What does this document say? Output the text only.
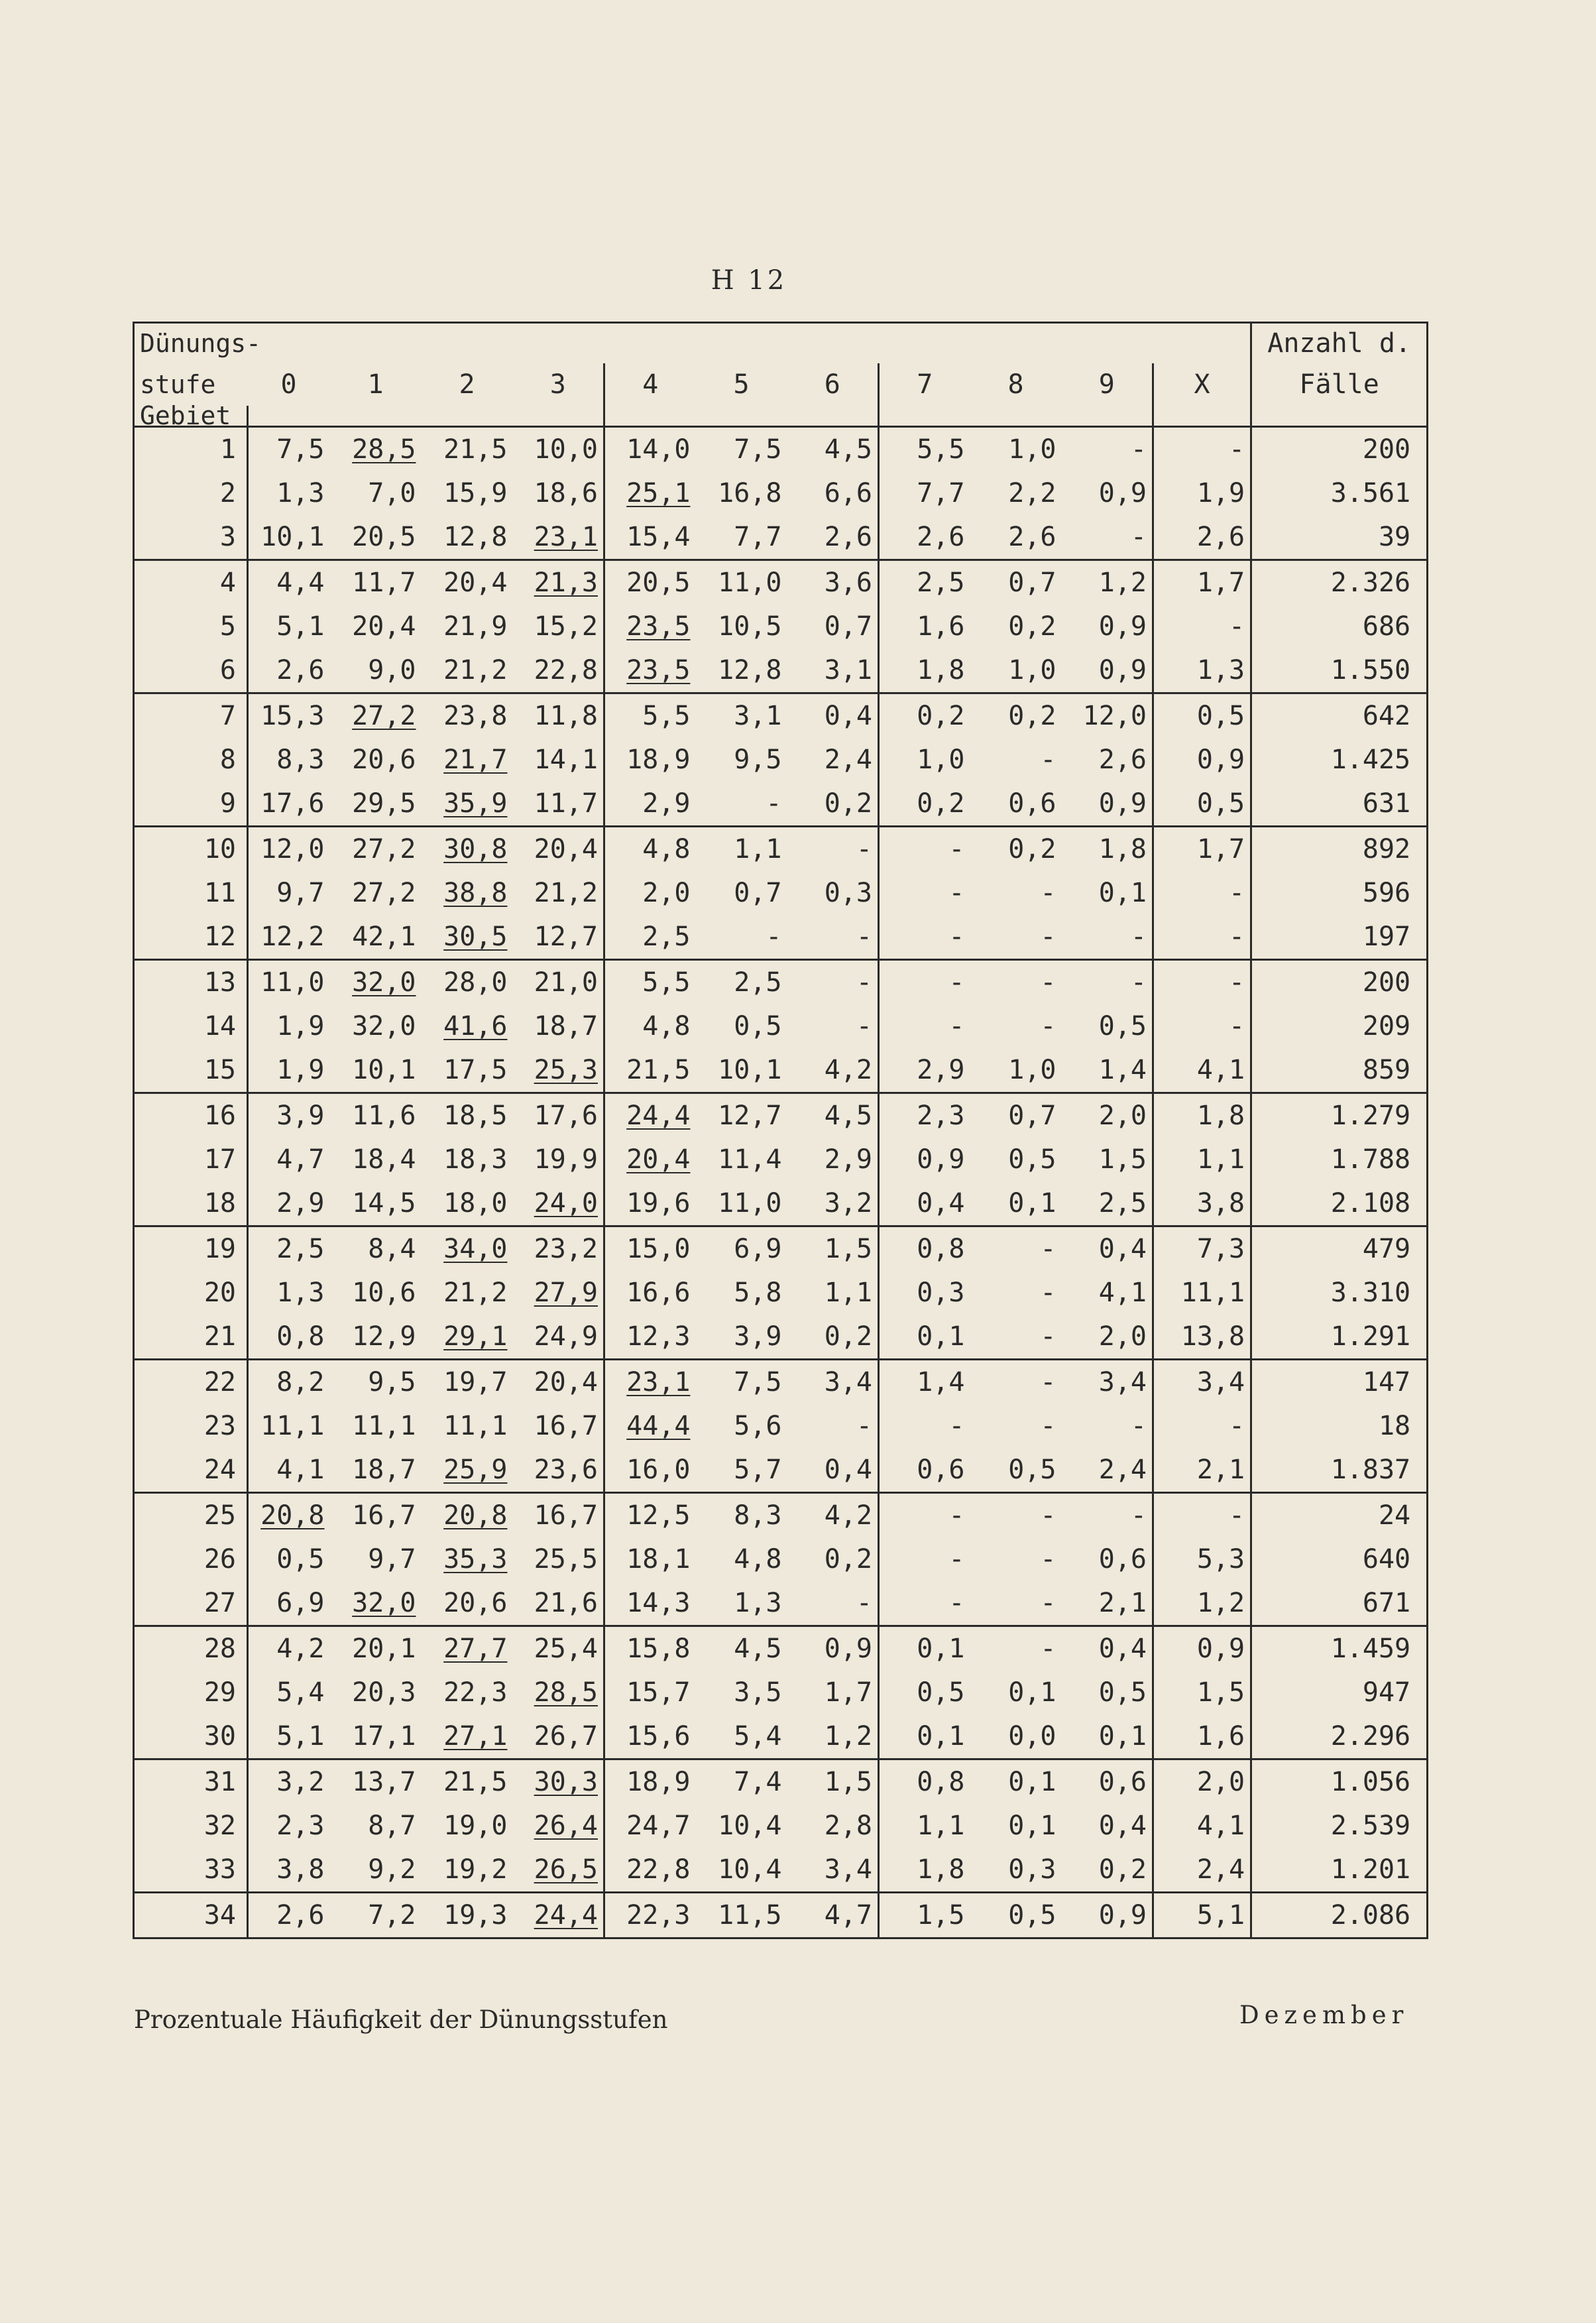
H 12
Dünungs-												Anzahl d.
stufe	0	1	2	3	4	5	6	7	8	9	X	Fälle
Gebiet												
1	7,5	28,5	21,5	10,0	14,0	7,5	4,5	5,5	1,0	-	-	200
2	1,3	7,0	15,9	18,6	25,1	16,8	6,6	7,7	2,2	0,9	1,9	3.561
3	10,1	20,5	12,8	23,1	15,4	7,7	2,6	2,6	2,6	-	2,6	39
4	4,4	11,7	20,4	21,3	20,5	11,0	3,6	2,5	0,7	1,2	1,7	2.326
5	5,1	20,4	21,9	15,2	23,5	10,5	0,7	1,6	0,2	0,9	-	686
6	2,6	9,0	21,2	22,8	23,5	12,8	3,1	1,8	1,0	0,9	1,3	1.550
7	15,3	27,2	23,8	11,8	5,5	3,1	0,4	0,2	0,2	12,0	0,5	642
8	8,3	20,6	21,7	14,1	18,9	9,5	2,4	1,0	-	2,6	0,9	1.425
9	17,6	29,5	35,9	11,7	2,9	-	0,2	0,2	0,6	0,9	0,5	631
10	12,0	27,2	30,8	20,4	4,8	1,1	-	-	0,2	1,8	1,7	892
11	9,7	27,2	38,8	21,2	2,0	0,7	0,3	-	-	0,1	-	596
12	12,2	42,1	30,5	12,7	2,5	-	-	-	-	-	-	197
13	11,0	32,0	28,0	21,0	5,5	2,5	-	-	-	-	-	200
14	1,9	32,0	41,6	18,7	4,8	0,5	-	-	-	0,5	-	209
15	1,9	10,1	17,5	25,3	21,5	10,1	4,2	2,9	1,0	1,4	4,1	859
16	3,9	11,6	18,5	17,6	24,4	12,7	4,5	2,3	0,7	2,0	1,8	1.279
17	4,7	18,4	18,3	19,9	20,4	11,4	2,9	0,9	0,5	1,5	1,1	1.788
18	2,9	14,5	18,0	24,0	19,6	11,0	3,2	0,4	0,1	2,5	3,8	2.108
19	2,5	8,4	34,0	23,2	15,0	6,9	1,5	0,8	-	0,4	7,3	479
20	1,3	10,6	21,2	27,9	16,6	5,8	1,1	0,3	-	4,1	11,1	3.310
21	0,8	12,9	29,1	24,9	12,3	3,9	0,2	0,1	-	2,0	13,8	1.291
22	8,2	9,5	19,7	20,4	23,1	7,5	3,4	1,4	-	3,4	3,4	147
23	11,1	11,1	11,1	16,7	44,4	5,6	-	-	-	-	-	18
24	4,1	18,7	25,9	23,6	16,0	5,7	0,4	0,6	0,5	2,4	2,1	1.837
25	20,8	16,7	20,8	16,7	12,5	8,3	4,2	-	-	-	-	24
26	0,5	9,7	35,3	25,5	18,1	4,8	0,2	-	-	0,6	5,3	640
27	6,9	32,0	20,6	21,6	14,3	1,3	-	-	-	2,1	1,2	671
28	4,2	20,1	27,7	25,4	15,8	4,5	0,9	0,1	-	0,4	0,9	1.459
29	5,4	20,3	22,3	28,5	15,7	3,5	1,7	0,5	0,1	0,5	1,5	947
30	5,1	17,1	27,1	26,7	15,6	5,4	1,2	0,1	0,0	0,1	1,6	2.296
31	3,2	13,7	21,5	30,3	18,9	7,4	1,5	0,8	0,1	0,6	2,0	1.056
32	2,3	8,7	19,0	26,4	24,7	10,4	2,8	1,1	0,1	0,4	4,1	2.539
33	3,8	9,2	19,2	26,5	22,8	10,4	3,4	1,8	0,3	0,2	2,4	1.201
34	2,6	7,2	19,3	24,4	22,3	11,5	4,7	1,5	0,5	0,9	5,1	2.086
Prozentuale Häufigkeit der Dünungsstufen	Dezember
